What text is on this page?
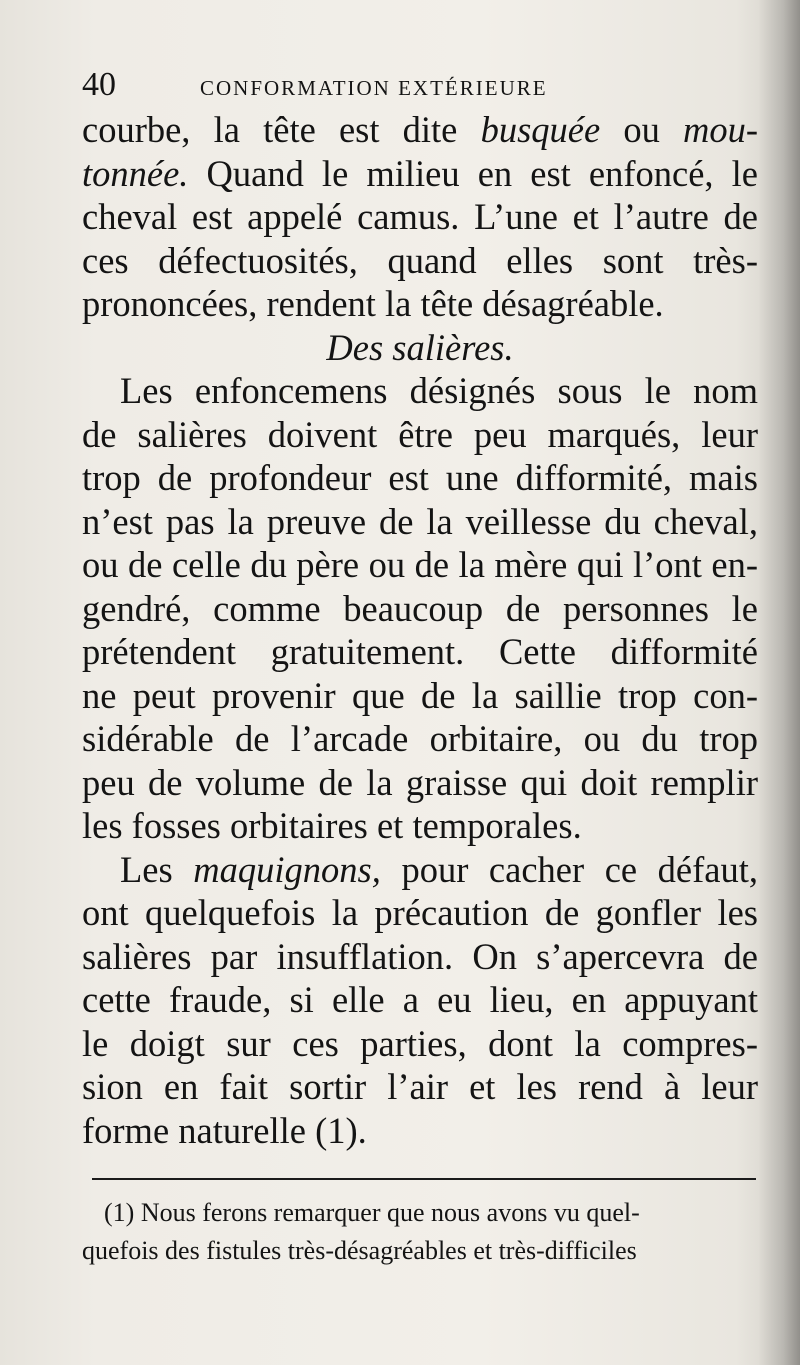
40	CONFORMATION EXTÉRIEURE
courbe, la tête est dite busquée ou mou-
tonnée. Quand le milieu en est enfoncé, le
cheval est appelé camus. L’une et l’autre de
ces défectuosités, quand elles sont très-
prononcées, rendent la tête désagréable.
Des salières.
Les enfoncemens désignés sous le nom
de salières doivent être peu marqués, leur
trop de profondeur est une difformité, mais
n’est pas la preuve de la veillesse du cheval,
ou de celle du père ou de la mère qui l’ont en-
gendré, comme beaucoup de personnes le
prétendent gratuitement. Cette difformité
ne peut provenir que de la saillie trop con-
sidérable de l’arcade orbitaire, ou du trop
peu de volume de la graisse qui doit remplir
les fosses orbitaires et temporales.
Les maquignons, pour cacher ce défaut,
ont quelquefois la précaution de gonfler les
salières par insufflation. On s’apercevra de
cette fraude, si elle a eu lieu, en appuyant
le doigt sur ces parties, dont la compres-
sion en fait sortir l’air et les rend à leur
forme naturelle (1).
(1) Nous ferons remarquer que nous avons vu quel-
quefois des fistules très-désagréables et très-difficiles
